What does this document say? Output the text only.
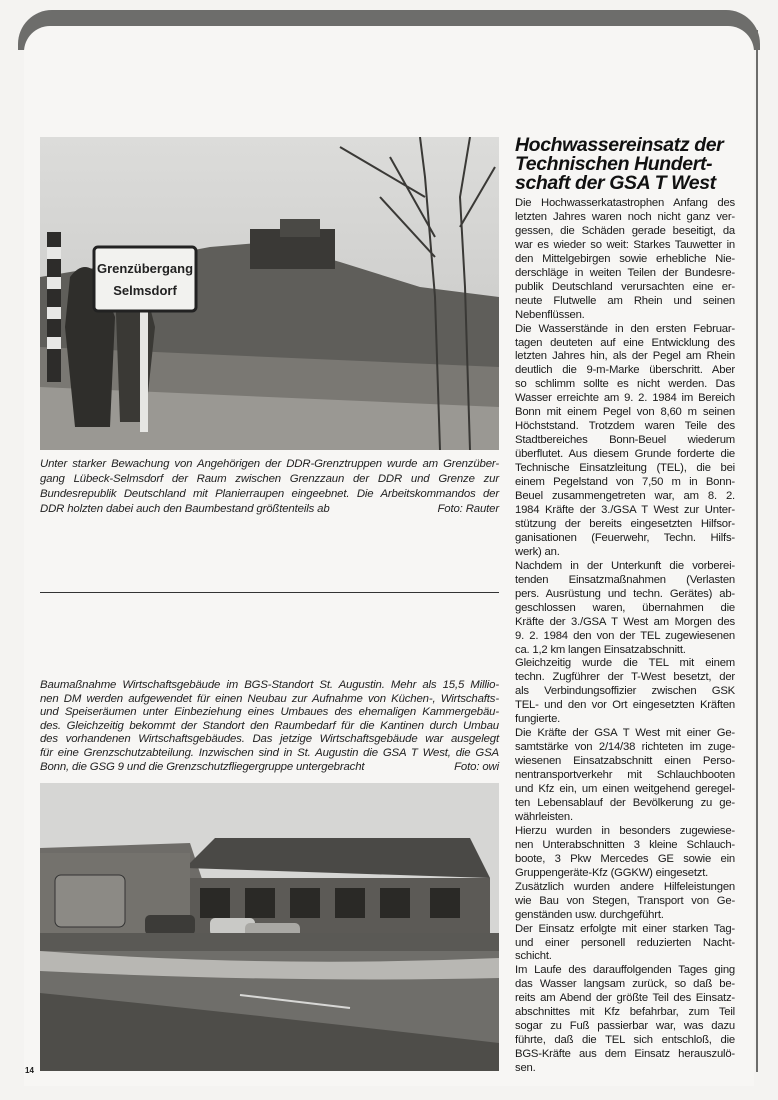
Grenzübergang
Selmsdorf
Unter starker Bewachung von Angehörigen der DDR-Grenztruppen wurde am Grenzüber-
gang Lübeck-Selmsdorf der Raum zwischen Grenzzaun der DDR und Grenze zur
Bundesrepublik Deutschland mit Planierraupen eingeebnet. Die Arbeitskommandos der
DDR holzten dabei auch den Baumbestand größtenteils ab	Foto: Rauter
Baumaßnahme Wirtschaftsgebäude im BGS-Standort St. Augustin. Mehr als 15,5 Millio-
nen DM werden aufgewendet für einen Neubau zur Aufnahme von Küchen-, Wirtschafts-
und Speiseräumen unter Einbeziehung eines Umbaues des ehemaligen Kammergebäu-
des. Gleichzeitig bekommt der Standort den Raumbedarf für die Kantinen durch Umbau
des vorhandenen Wirtschaftsgebäudes. Das jetzige Wirtschaftsgebäude war ausgelegt
für eine Grenzschutzabteilung. Inzwischen sind in St. Augustin die GSA T West, die GSA
Bonn, die GSG 9 und die Grenzschutzfliegergruppe untergebracht	Foto: owi
Hochwassereinsatz der
Technischen Hundert-
schaft der GSA T West
Die Hochwasserkatastrophen Anfang des
letzten Jahres waren noch nicht ganz ver-
gessen, die Schäden gerade beseitigt, da
war es wieder so weit: Starkes Tauwetter in
den Mittelgebirgen sowie erhebliche Nie-
derschläge in weiten Teilen der Bundesre-
publik Deutschland verursachten eine er-
neute Flutwelle am Rhein und seinen
Nebenflüssen.
Die Wasserstände in den ersten Februar-
tagen deuteten auf eine Entwicklung des
letzten Jahres hin, als der Pegel am Rhein
deutlich die 9-m-Marke überschritt. Aber
so schlimm sollte es nicht werden. Das
Wasser erreichte am 9. 2. 1984 im Bereich
Bonn mit einem Pegel von 8,60 m seinen
Höchststand. Trotzdem waren Teile des
Stadtbereiches Bonn-Beuel wiederum
überflutet. Aus diesem Grunde forderte die
Technische Einsatzleitung (TEL), die bei
einem Pegelstand von 7,50 m in Bonn-
Beuel zusammengetreten war, am 8. 2.
1984 Kräfte der 3./GSA T West zur Unter-
stützung der bereits eingesetzten Hilfsor-
ganisationen (Feuerwehr, Techn. Hilfs-
werk) an.
Nachdem in der Unterkunft die vorberei-
tenden Einsatzmaßnahmen (Verlasten
pers. Ausrüstung und techn. Gerätes) ab-
geschlossen waren, übernahmen die
Kräfte der 3./GSA T West am Morgen des
9. 2. 1984 den von der TEL zugewiesenen
ca. 1,2 km langen Einsatzabschnitt.
Gleichzeitig wurde die TEL mit einem
techn. Zugführer der T-West besetzt, der
als Verbindungsoffizier zwischen GSK
TEL- und den vor Ort eingesetzten Kräften
fungierte.
Die Kräfte der GSA T West mit einer Ge-
samtstärke von 2/14/38 richteten im zuge-
wiesenen Einsatzabschnitt einen Perso-
nentransportverkehr mit Schlauchbooten
und Kfz ein, um einen weitgehend geregel-
ten Lebensablauf der Bevölkerung zu ge-
währleisten.
Hierzu wurden in besonders zugewiese-
nen Unterabschnitten 3 kleine Schlauch-
boote, 3 Pkw Mercedes GE sowie ein
Gruppengeräte-Kfz (GGKW) eingesetzt.
Zusätzlich wurden andere Hilfeleistungen
wie Bau von Stegen, Transport von Ge-
genständen usw. durchgeführt.
Der Einsatz erfolgte mit einer starken Tag-
und einer personell reduzierten Nacht-
schicht.
Im Laufe des darauffolgenden Tages ging
das Wasser langsam zurück, so daß be-
reits am Abend der größte Teil des Einsatz-
abschnittes mit Kfz befahrbar, zum Teil
sogar zu Fuß passierbar war, was dazu
führte, daß die TEL sich entschloß, die
BGS-Kräfte aus dem Einsatz herauszulö-
sen.
14
